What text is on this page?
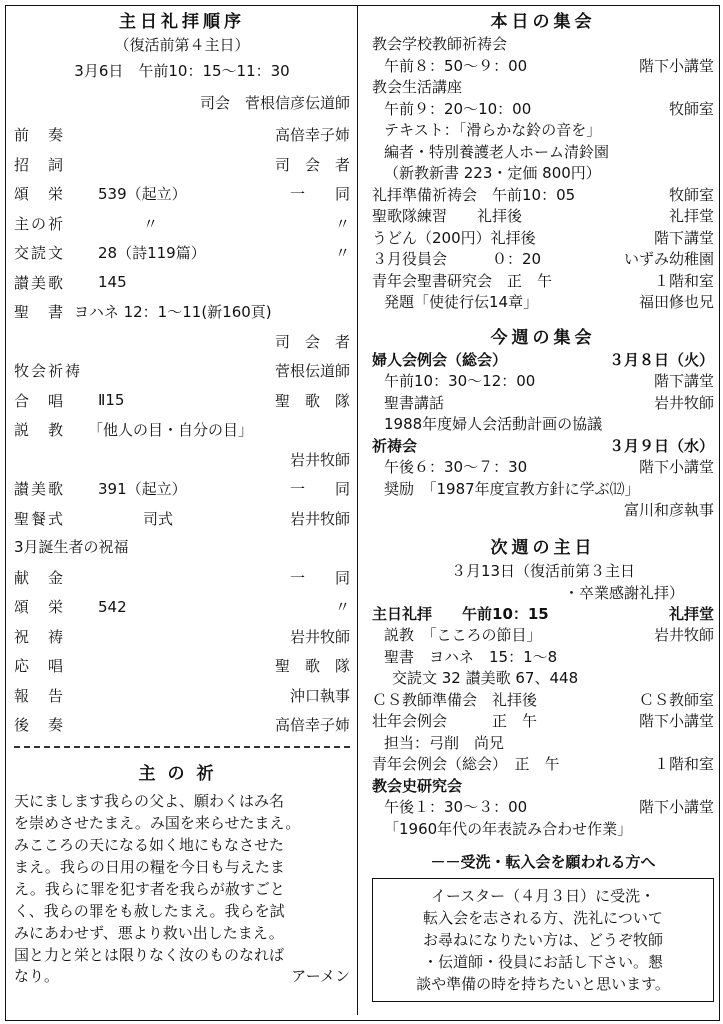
主日礼拝順序
（復活前第４主日）
3月6日　午前10：15～11：30
司会　菅根信彦伝道師
前　奏	高倍幸子姉
招　詞	司　会　者
頌　栄	539（起立）	一　　同
主の祈	　　　〃	〃
交読文	28（詩119篇）	〃
讃美歌	145
聖　書 ヨハネ 12：1～11(新160頁)
司　会　者
牧会祈祷	菅根伝道師
合　唱	Ⅱ15	聖　歌　隊
説　教	「他人の目・自分の目」
岩井牧師
讃美歌	391（起立）	一　　同
聖餐式	　　　司式	岩井牧師
3月誕生者の祝福
献　金	一　　同
頌　栄	542	〃
祝　祷	岩井牧師
応　唱	聖　歌　隊
報　告	沖口執事
後　奏	高倍幸子姉
主の祈
天にまします我らの父よ、願わくはみ名
を崇めさせたまえ。み国を来らせたまえ。
みこころの天になる如く地にもなさせた
まえ。我らの日用の糧を今日も与えたま
え。我らに罪を犯す者を我らが赦すごと
く、我らの罪をも赦したまえ。我らを試
みにあわせず、悪より救い出したまえ。
国と力と栄とは限りなく汝のものなれば
なり。	アーメン
本日の集会
教会学校教師祈祷会
午前８：50～９：00	階下小講堂
教会生活講座
午前９：20～10：00	牧師室
テキスト：「滑らかな鈴の音を」
編者・特別養護老人ホーム清鈴園
（新教新書 223・定価 800円）
礼拝準備祈祷会　午前10：05	牧師室
聖歌隊練習　　礼拝後	礼拝堂
うどん（200円）礼拝後	階下講堂
３月役員会　　　０：20	いずみ幼稚園
青年会聖書研究会　正　午	１階和室
発題「使徒行伝14章」	福田修也兄
今週の集会
婦人会例会（総会）	３月８日（火）
午前10：30～12：00	階下講堂
聖書講話	岩井牧師
1988年度婦人会活動計画の協議
祈祷会	３月９日（水）
午後６：30～７：30	階下小講堂
奨励　「1987年度宣教方針に学ぶ⑿」
富川和彦執事
次週の主日
３月13日（復活前第３主日
・卒業感謝礼拝）
主日礼拝　　午前10：15	礼拝堂
説教　「こころの節目」	岩井牧師
聖書　ヨハネ　15：1～8
交読文 32 讃美歌 67、448
ＣＳ教師準備会　礼拝後	ＣＳ教師室
壮年会例会　　　正　午	階下小講堂
担当：弓削　尚兄
青年会例会（総会）　正　午	１階和室
教会史研究会
午後１：30～３：00	階下小講堂
「1960年代の年表読み合わせ作業」
－－受洗・転入会を願われる方へ
イースター（４月３日）に受洗・
転入会を志される方、洗礼について
お尋ねになりたい方は、どうぞ牧師
・伝道師・役員にお話し下さい。懇
談や準備の時を持ちたいと思います。
